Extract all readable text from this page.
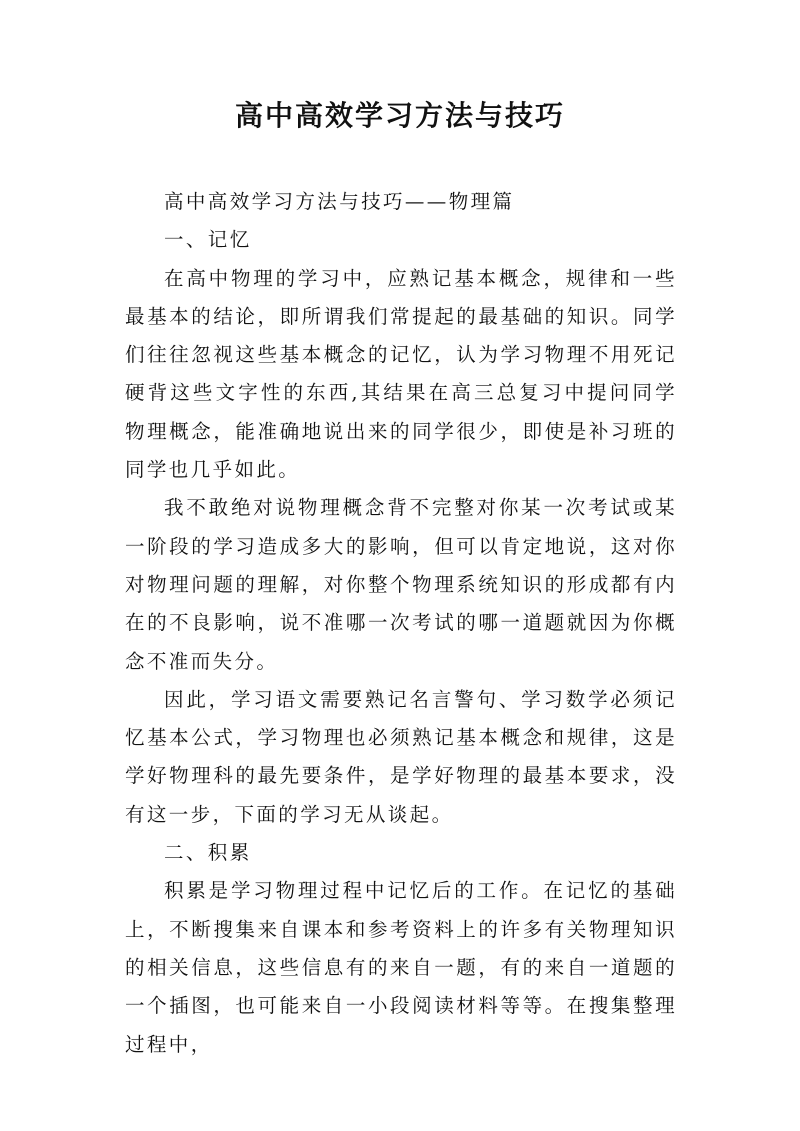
高中高效学习方法与技巧

高中高效学习方法与技巧——物理篇

一、记忆

在高中物理的学习中，应熟记基本概念，规律和一些最基本的结论，即所谓我们常提起的最基础的知识。同学们往往忽视这些基本概念的记忆，认为学习物理不用死记硬背这些文字性的东西,其结果在高三总复习中提问同学物理概念，能准确地说出来的同学很少，即使是补习班的同学也几乎如此。

我不敢绝对说物理概念背不完整对你某一次考试或某一阶段的学习造成多大的影响，但可以肯定地说，这对你对物理问题的理解，对你整个物理系统知识的形成都有内在的不良影响，说不准哪一次考试的哪一道题就因为你概念不准而失分。

因此，学习语文需要熟记名言警句、学习数学必须记忆基本公式，学习物理也必须熟记基本概念和规律，这是学好物理科的最先要条件，是学好物理的最基本要求，没有这一步，下面的学习无从谈起。

二、积累

积累是学习物理过程中记忆后的工作。在记忆的基础上，不断搜集来自课本和参考资料上的许多有关物理知识的相关信息，这些信息有的来自一题，有的来自一道题的一个插图，也可能来自一小段阅读材料等等。在搜集整理过程中，
